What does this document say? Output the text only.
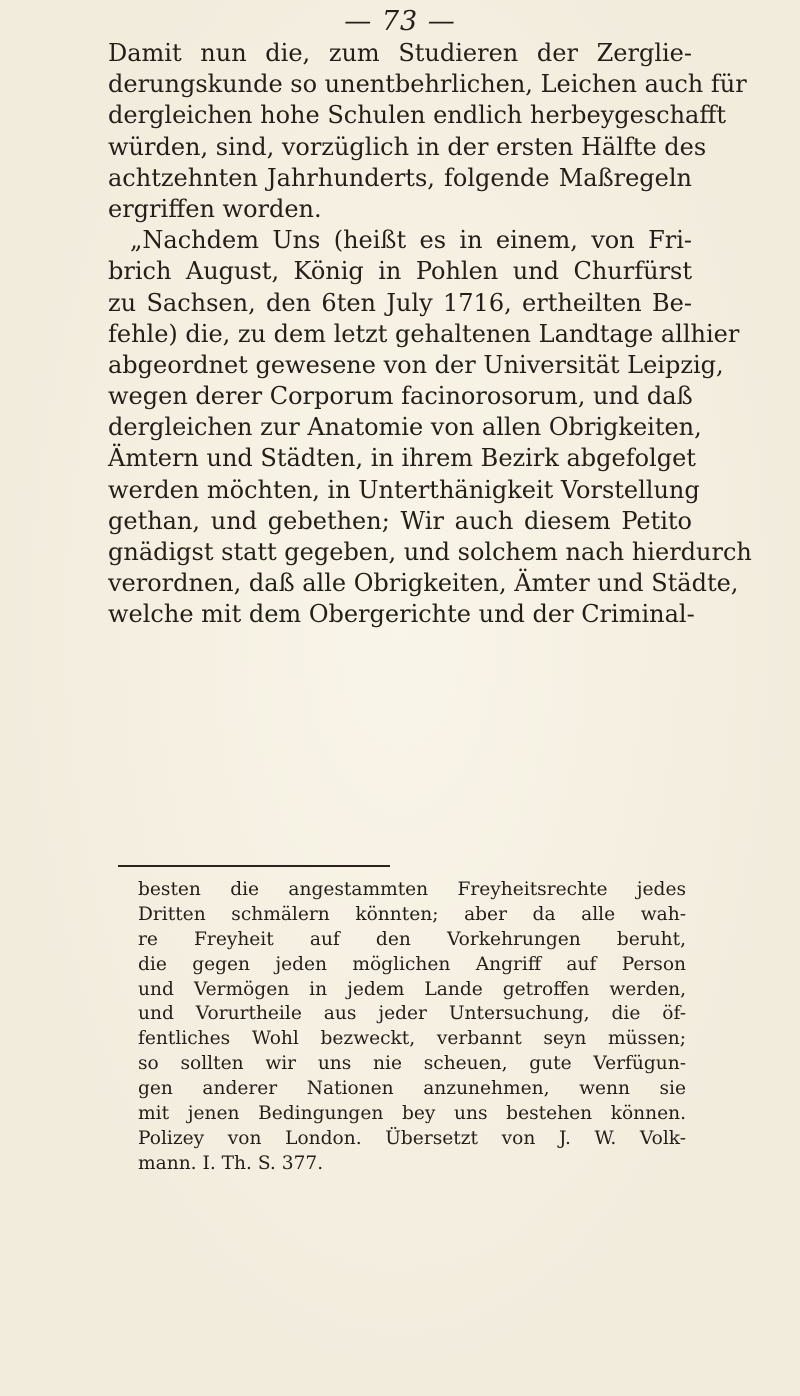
— 73 —
Damit nun die, zum Studieren der Zerglie-
derungskunde so unentbehrlichen, Leichen auch für
dergleichen hohe Schulen endlich herbeygeschafft
würden, sind, vorzüglich in der ersten Hälfte des
achtzehnten Jahrhunderts, folgende Maßregeln
ergriffen worden.
„Nachdem Uns (heißt es in einem, von Fri-
brich August, König in Pohlen und Churfürst
zu Sachsen, den 6ten July 1716, ertheilten Be-
fehle) die, zu dem letzt gehaltenen Landtage allhier
abgeordnet gewesene von der Universität Leipzig,
wegen derer Corporum facinorosorum, und daß
dergleichen zur Anatomie von allen Obrigkeiten,
Ämtern und Städten, in ihrem Bezirk abgefolget
werden möchten, in Unterthänigkeit Vorstellung
gethan, und gebethen; Wir auch diesem Petito
gnädigst statt gegeben, und solchem nach hierdurch
verordnen, daß alle Obrigkeiten, Ämter und Städte,
welche mit dem Obergerichte und der Criminal-
besten die angestammten Freyheitsrechte jedes
Dritten schmälern könnten; aber da alle wah-
re Freyheit auf den Vorkehrungen beruht,
die gegen jeden möglichen Angriff auf Person
und Vermögen in jedem Lande getroffen werden,
und Vorurtheile aus jeder Untersuchung, die öf-
fentliches Wohl bezweckt, verbannt seyn müssen;
so sollten wir uns nie scheuen, gute Verfügun-
gen anderer Nationen anzunehmen, wenn sie
mit jenen Bedingungen bey uns bestehen können.
Polizey von London. Übersetzt von J. W. Volk-
mann. I. Th. S. 377.
